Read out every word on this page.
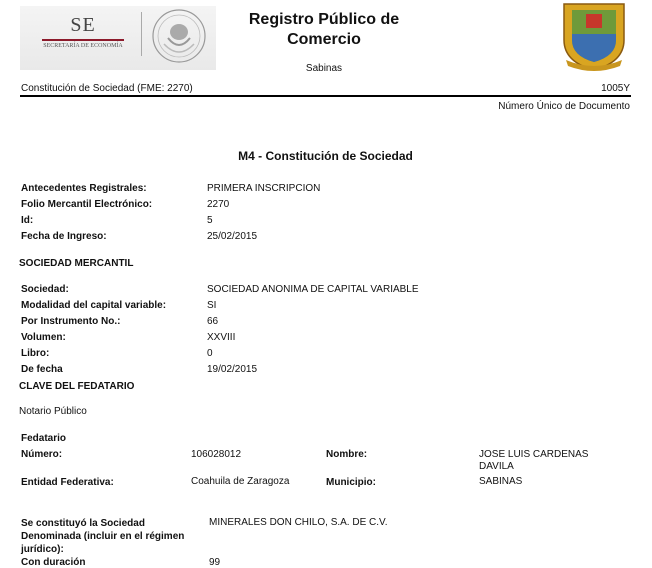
SE
SECRETARÍA DE ECONOMÍA
Registro Público de
Comercio
Sabinas
Constitución de Sociedad (FME: 2270)	1005Y
Número Único de Documento
M4 - Constitución de Sociedad
Antecedentes Registrales:	PRIMERA INSCRIPCION
Folio Mercantil Electrónico:	2270
Id:	5
Fecha de Ingreso:	25/02/2015
SOCIEDAD MERCANTIL
Sociedad:	SOCIEDAD ANONIMA DE CAPITAL VARIABLE
Modalidad del capital variable:	SI
Por Instrumento No.:	66
Volumen:	XXVIII
Libro:	0
De fecha	19/02/2015
CLAVE DEL FEDATARIO
Notario Público
Fedatario
Número:	106028012	Nombre:	JOSE LUIS CARDENAS
DAVILA
Entidad Federativa:	Coahuila de Zaragoza	Municipio:	SABINAS
Se constituyó la Sociedad
Denominada (incluir en el régimen
jurídico):
MINERALES DON CHILO, S.A. DE C.V.
Con duración	99
